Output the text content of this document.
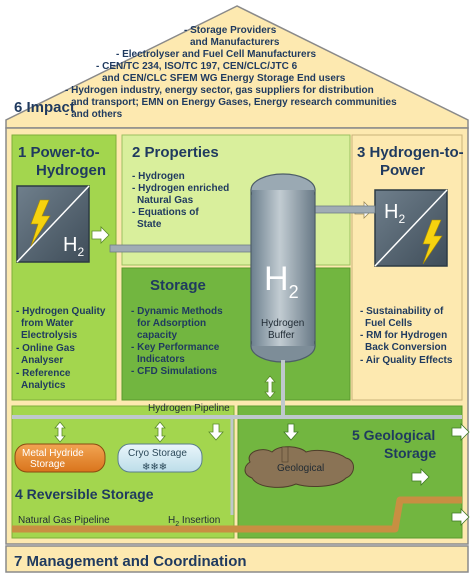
6 Impact
- Storage Providers
and Manufacturers
- Electrolyser and Fuel Cell Manufacturers
- CEN/TC 234, ISO/TC 197, CEN/CLC/JTC 6
and CEN/CLC SFEM WG Energy Storage End users
- Hydrogen industry, energy sector, gas suppliers for distribution
and transport; EMN on Energy Gases, Energy research communities
- and others
1 Power-to-
Hydrogen
$H_2$
- Hydrogen Quality
from Water
Electrolysis
- Online Gas
Analyser
- Reference
Analytics
2 Properties
- Hydrogen
- Hydrogen enriched
Natural Gas
- Equations of
State
3 Hydrogen-to-
Power
$H_2$
- Sustainability of
Fuel Cells
- RM for Hydrogen
Back Conversion
- Air Quality Effects
Storage
- Dynamic Methods
for Adsorption
capacity
- Key Performance
Indicators
- CFD Simulations
$H_2$
Hydrogen
Buffer
Hydrogen Pipeline
Metal Hydride
Storage
Cryo Storage
❄❄❄
4 Reversible Storage
5 Geological
Storage
Geological
Natural Gas Pipeline	$H_2$ Insertion
7 Management and Coordination
